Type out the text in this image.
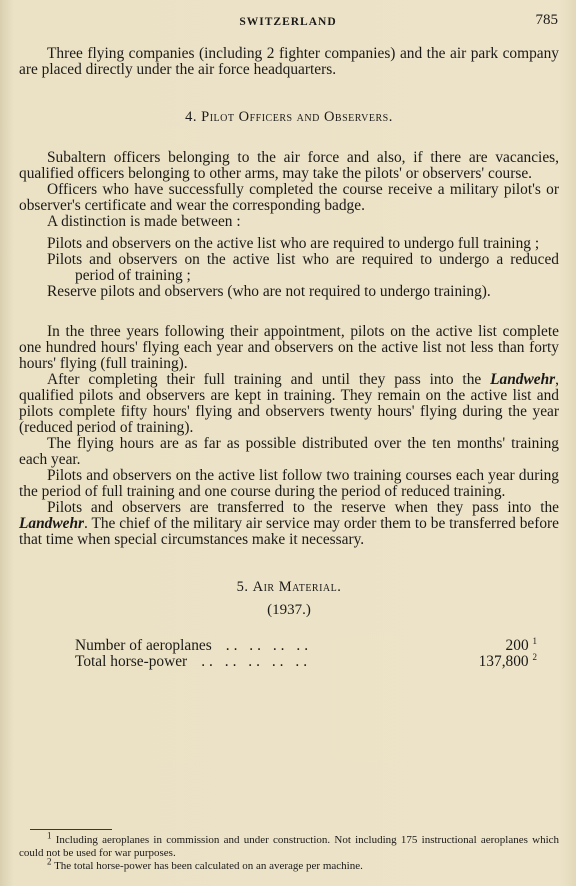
SWITZERLAND	785

Three flying companies (including 2 fighter companies) and the air park company are placed directly under the air force headquarters.

4. Pilot Officers and Observers.

Subaltern officers belonging to the air force and also, if there are vacancies, qualified officers belonging to other arms, may take the pilots' or observers' course.

Officers who have successfully completed the course receive a military pilot's or observer's certificate and wear the corresponding badge.

A distinction is made between :

Pilots and observers on the active list who are required to undergo full training ;

Pilots and observers on the active list who are required to undergo a reduced period of training ;

Reserve pilots and observers (who are not required to undergo training).

In the three years following their appointment, pilots on the active list complete one hundred hours' flying each year and observers on the active list not less than forty hours' flying (full training).

After completing their full training and until they pass into the Landwehr, qualified pilots and observers are kept in training. They remain on the active list and pilots complete fifty hours' flying and observers twenty hours' flying during the year (reduced period of training).

The flying hours are as far as possible distributed over the ten months' training each year.

Pilots and observers on the active list follow two training courses each year during the period of full training and one course during the period of reduced training.

Pilots and observers are transferred to the reserve when they pass into the Landwehr. The chief of the military air service may order them to be transferred before that time when special circumstances make it necessary.

5. Air Material.
(1937.)
Number of aeroplanes .. .. .. ..	200 $^1$
Total horse-power .. .. .. .. ..	137,800 $^2$

$^1$ Including aeroplanes in commission and under construction. Not including 175 instructional aeroplanes which could not be used for war purposes.

$^2$ The total horse-power has been calculated on an average per machine.
